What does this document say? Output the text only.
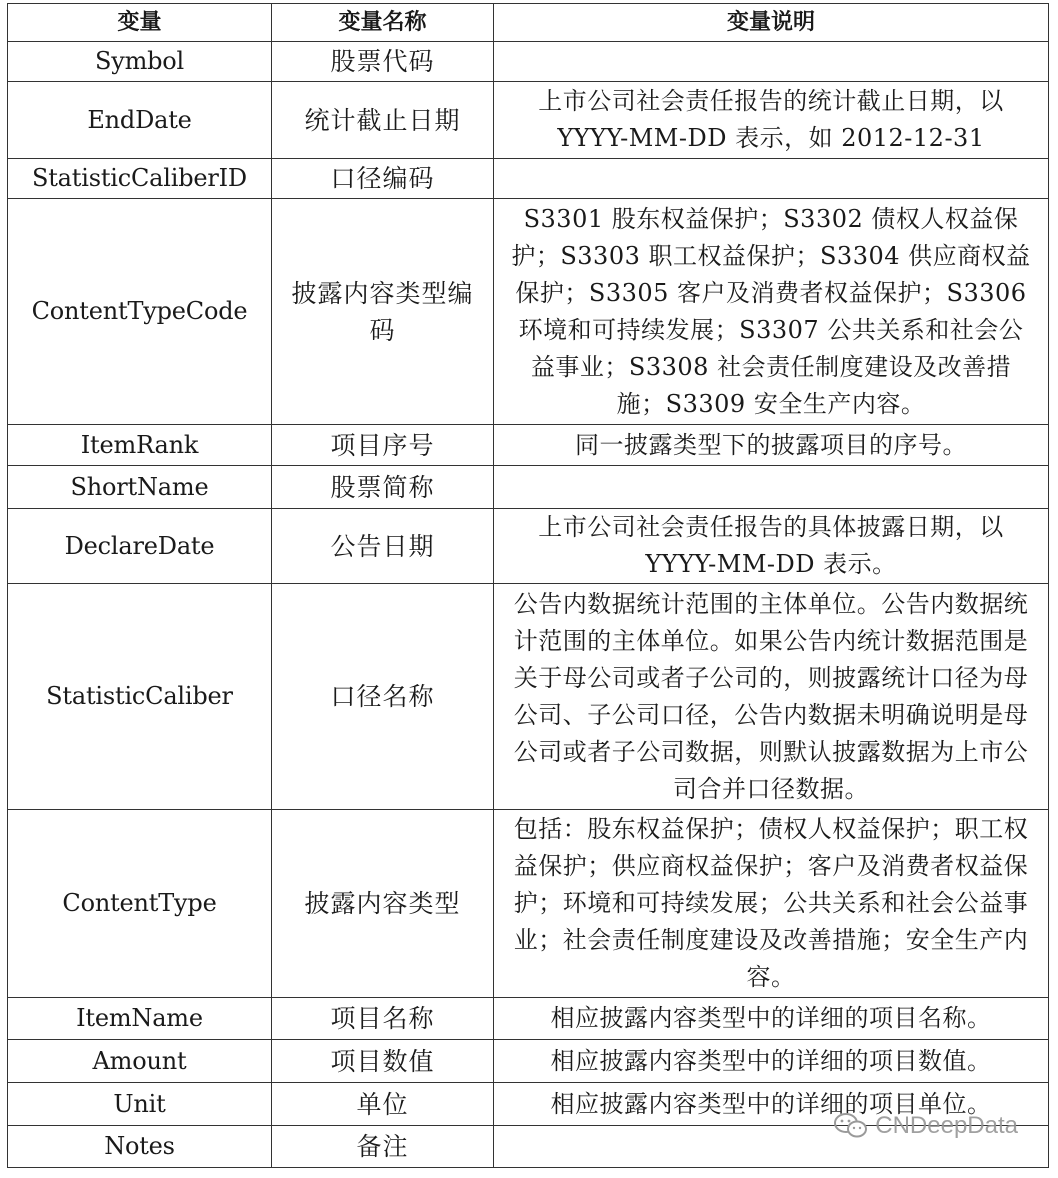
变量	变量名称	变量说明
Symbol	股票代码	
EndDate	统计截止日期	上市公司社会责任报告的统计截止日期，以 YYYY-MM-DD 表示，如 2012-12-31
StatisticCaliberID	口径编码	
ContentTypeCode	披露内容类型编码	S3301 股东权益保护；S3302 债权人权益保护；S3303 职工权益保护；S3304 供应商权益保护；S3305 客户及消费者权益保护；S3306 环境和可持续发展；S3307 公共关系和社会公益事业；S3308 社会责任制度建设及改善措施；S3309 安全生产内容。
ItemRank	项目序号	同一披露类型下的披露项目的序号。
ShortName	股票简称	
DeclareDate	公告日期	上市公司社会责任报告的具体披露日期，以 YYYY-MM-DD 表示。
StatisticCaliber	口径名称	公告内数据统计范围的主体单位。公告内数据统计范围的主体单位。如果公告内统计数据范围是关于母公司或者子公司的，则披露统计口径为母公司、子公司口径，公告内数据未明确说明是母公司或者子公司数据，则默认披露数据为上市公司合并口径数据。
ContentType	披露内容类型	包括：股东权益保护；债权人权益保护；职工权益保护；供应商权益保护；客户及消费者权益保护；环境和可持续发展；公共关系和社会公益事业；社会责任制度建设及改善措施；安全生产内容。
ItemName	项目名称	相应披露内容类型中的详细的项目名称。
Amount	项目数值	相应披露内容类型中的详细的项目数值。
Unit	单位	相应披露内容类型中的详细的项目单位。
Notes	备注	
CNDeepData
